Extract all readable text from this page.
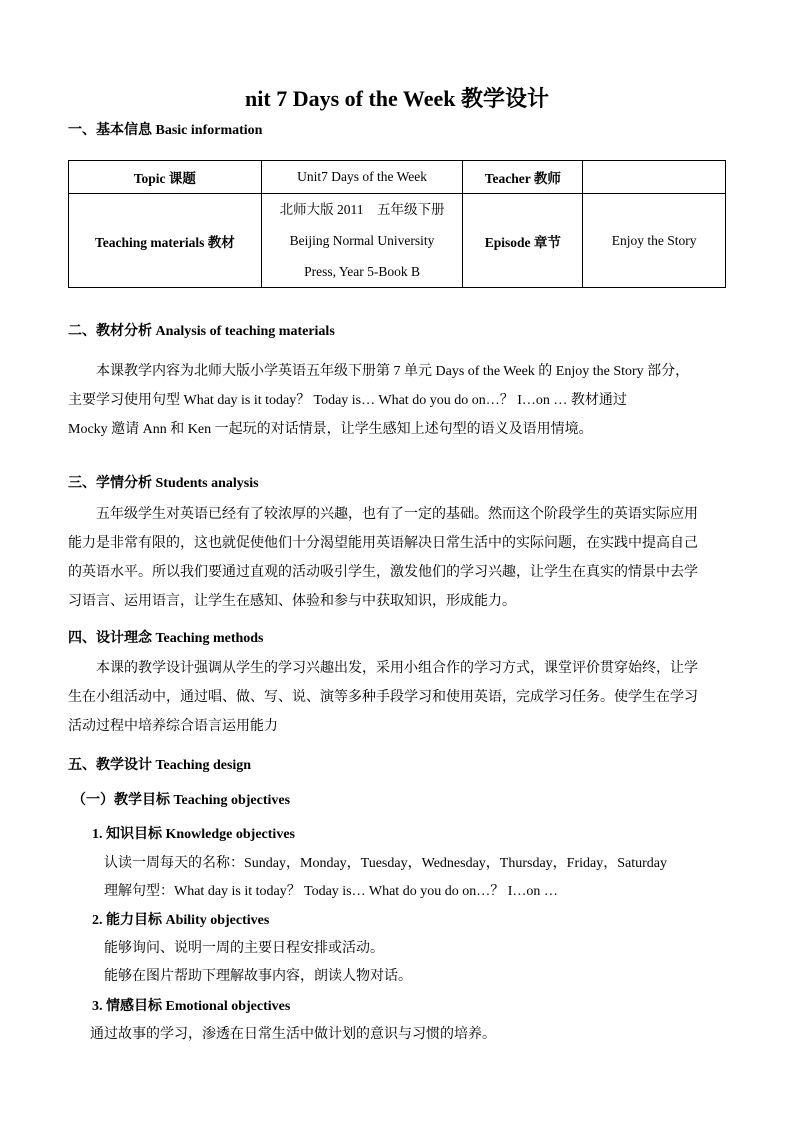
nit 7 Days of the Week 教学设计
一、基本信息 Basic information
Topic 课题	Unit7 Days of the Week	Teacher 教师	
Teaching materials 教材	北师大版 2011　五年级下册
Beijing Normal University
Press, Year 5-Book B	Episode 章节	Enjoy the Story
二、教材分析 Analysis of teaching materials
本课教学内容为北师大版小学英语五年级下册第 7 单元 Days of the Week 的 Enjoy the Story 部分，
主要学习使用句型 What day is it today？ Today is… What do you do on…？ I…on … 教材通过
Mocky 邀请 Ann 和 Ken 一起玩的对话情景，让学生感知上述句型的语义及语用情境。
三、学情分析 Students analysis
五年级学生对英语已经有了较浓厚的兴趣，也有了一定的基础。然而这个阶段学生的英语实际应用
能力是非常有限的，这也就促使他们十分渴望能用英语解决日常生活中的实际问题，在实践中提高自己
的英语水平。所以我们要通过直观的活动吸引学生，激发他们的学习兴趣，让学生在真实的情景中去学
习语言、运用语言，让学生在感知、体验和参与中获取知识，形成能力。
四、设计理念 Teaching methods
本课的教学设计强调从学生的学习兴趣出发，采用小组合作的学习方式，课堂评价贯穿始终，让学
生在小组活动中，通过唱、做、写、说、演等多种手段学习和使用英语，完成学习任务。使学生在学习
活动过程中培养综合语言运用能力
五、教学设计 Teaching design
（一）教学目标 Teaching objectives
1. 知识目标 Knowledge objectives
认读一周每天的名称：Sunday，Monday，Tuesday，Wednesday，Thursday，Friday，Saturday
理解句型：What day is it today？ Today is… What do you do on…？ I…on …
2. 能力目标 Ability objectives
能够询问、说明一周的主要日程安排或活动。
能够在图片帮助下理解故事内容，朗读人物对话。
3. 情感目标 Emotional objectives
通过故事的学习，渗透在日常生活中做计划的意识与习惯的培养。
